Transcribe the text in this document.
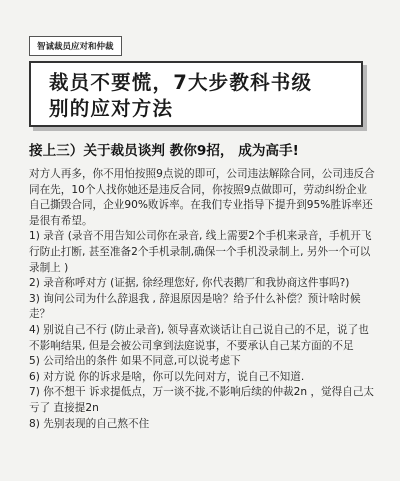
智诚裁员应对和仲裁
裁员不要慌，7大步教科书级
别的应对方法
接上三）关于裁员谈判 教你9招， 成为高手!

对方人再多，你不用怕按照9点说的即可，公司违法解除合同，公司违反合同在先，10个人找你她还是违反合同，你按照9点做即可，劳动纠纷企业自己撕毁合同，企业90%败诉率。在我们专业指导下提升到95%胜诉率还是很有希望。

1) 录音 (录音不用告知公司你在录音, 线上需要2个手机来录音，手机开飞行防止打断, 甚至准备2个手机录制,确保一个手机没录制上, 另外一个可以录制上 )

2) 录音称呼对方 (证据, 徐经理您好, 你代表鹅厂和我协商这件事吗?)

3) 询问公司为什么辞退我 , 辞退原因是啥？给予什么补偿？预计啥时候走？

4) 别说自己不行 (防止录音), 领导喜欢谈话让自己说自己的不足，说了也不影响结果, 但是会被公司拿到法庭说事，不要承认自己某方面的不足

5) 公司给出的条件 如果不同意,可以说考虑下

6) 对方说 你的诉求是啥，你可以先问对方，说自己不知道.

7) 你不想干 诉求提低点，万一谈不拢,不影响后续的仲裁2n ，觉得自己太亏了 直接提2n

8) 先别表现的自己熬不住
